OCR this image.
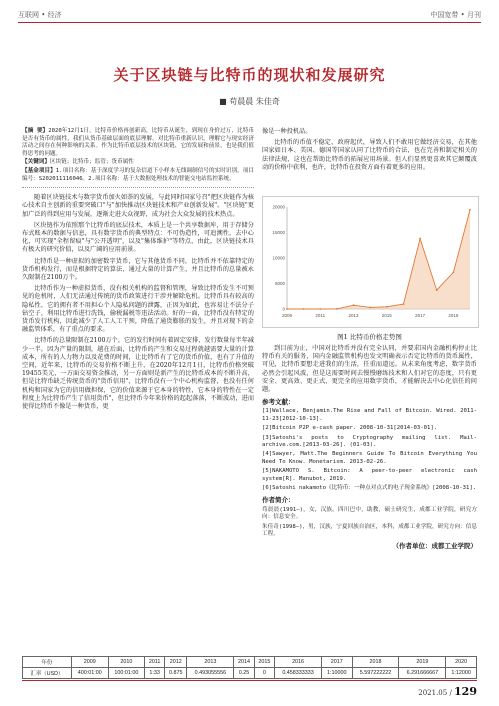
互联网 • 经济	中国宽带 • 月刊
关于区块链与比特币的现状和发展研究
■ 苟晨晨 朱佳奇

【摘 要】2020年12月1日，比特币价格再创新高，比特币从诞生，到现在身价过万，比特币是否有货币的属性，我们从货币基础层面的底层理解，对比特币重新认识，理解它与现实经济活动之间存在何种影响的关系。作为比特币底层技术的区块链，它的发展和前景，也是我们值得思考的问题。

【关键词】区块链；比特币；监管；货币属性

【基金项目】1.项目名称：基于深度学习的复杂信道下小样本无线调制信号的实时识别，项目编号：S202011116046。2.项目名称：基于大数据处理技术的智能交电站监控系统。

随着区块链技术与数字货币加火如荼的发展，与此同时国家号召"把区块链作为核心技术自主创新的重要突破口"与"加快推动区块链技术和产业创新发展"。"区块链"更加广泛的得到应用与发展，逐渐走进大众视野，成为社会大众发展的技术热点。

区块链作为依照那个比特币的底层技术，本质上是一个共享数据库，用于存储分布式账本的数据与信息，具有数字货币的典型特点：不可伪造性，可追溯性，去中心化，可实现"全程留痕"与"公开透明"，以及"集体维护"等特点，由此，区块链技术具有极大的研究价值，以及广阔的应用前景。

比特币是一种虚拟的加密数字货币，它与其他货币不同，比特币并不依靠特定的货币机构发行，而是根据特定的算法，通过大量的计算产生，并且比特币的总量被永久限制在2100万个。

比特币作为一种虚拟货币，没有相关机构的监督和管理，导致比特币发生不可预见的危机时，人们无法通过传统的货币政策进行干涉并解除危机。比特币具有较高的隐私性，它的拥有者不用担心个人隐私问题的泄露，正因为如此，也容易让不法分子钻空子，利用比特币进行洗钱，偷税漏税等违法活动。好的一面，比特币没有特定的货币发行机构，因此减少了人工人工干预，降低了通货膨胀的发生，并且对现下的金融监管体系，有了重点的要求。

比特币的总量限制在2100万个，它的发行时间有着固定安排，发行数量每半年减少一半，因为产量的限制，越在后面，比特币的产生和交易过程就越需要大量的计算成本，所有的人力物力以及花费的时间，让比特币有了它的货币价值，也有了升值的空间，近年来，比特币的交易价格不断上升，在2020年12月1日，比特币价格突破19455美元，一方面交易资金推动，另一方面则是新产生的比特币成本的不断升高，但是比特币缺乏传统货币的"货币信用"，比特币没有一个中心机构监督，也没有任何机构和国家为它的信用做担保，它的价值来源于它本身的特性，它本身的特性在一定程度上为比特币产生了信用货币"，但比特币今年来价格的起起落落，不断波动，进而使得比特币不像是一种货币，更

像是一种投机品。

比特币的币值不稳定，政府起伏，导致人们不敢用它做经济交易，在其他国家如日本、美国、德国等国家认同了比特币的合法，也在完善和制定相关的法律法规，这也在帮助比特币的拓展应用场景。但人们显然更喜欢其它颠覆波动的价格中获利，也许，比特币在投资方面有着更多的应用。

2009	2011	2013	2015	2017	2019
0
5000
10000
15000
20000
图1 比特币价格走势图

到目前为止，中国对比特币并没有完全认同，并要求国内金融机构停止比特币有关的服务，国内金融监管机构也发文明确表示否定比特币的货币属性，可见，比特币要想走进我们的生活，任重而道远。从未来角度考虑，数字货币必然会引起风波，但是这需要时间去慢慢磨练技术和人们对它的态度，只有更安全、更高效、更正式、更完全的应用数字货币，才能解决去中心化信任的问题。

参考文献：

[1]Wallace, Benjamin.The Rise and Fall of Bitcoin. Wired. 2011-11-23[2012-10-13].

[2]Bitcoin P2P e-cash paper. 2008-10-31[2014-03-01].

[3]Satoshi's posts to Cryptography mailing list. Mail-archive.com.[2013-03-26]. (01-03).

[4]Sawyer, Matt.The Beginners Guide To Bitcoin Everything You Need To Know. Monetarism. 2013-02-26.

[5]NAKAMOTO S. Bitcoin: A peer-to-peer electronic cash system[R]. Manubot, 2019.

[6]Satoshi nakamoto《比特币：一种点对点式的电子现金系统》[2008-10-31].

作者简介：

苟晨晨(1991—)，女，汉族，四川巴中，助教，硕士研究生，成都工业学院，研究方向：信息安全。

朱佳奇(1998—)，男，汉族，宁夏回族自治区，本科，成都工业学院，研究方向：信息工程。

（作者单位：成都工业学院）
年份	2009	2010	2011	2012	2013	2014	2015	2016	2017	2018	2019	2020
汇率（USD）	400:01:00	100:01:00	1:33	0.875	0.493055556	0.25	0	0.458333333	1:10000	5.597222222	6.291666667	1:12000
2021.05 / 129
